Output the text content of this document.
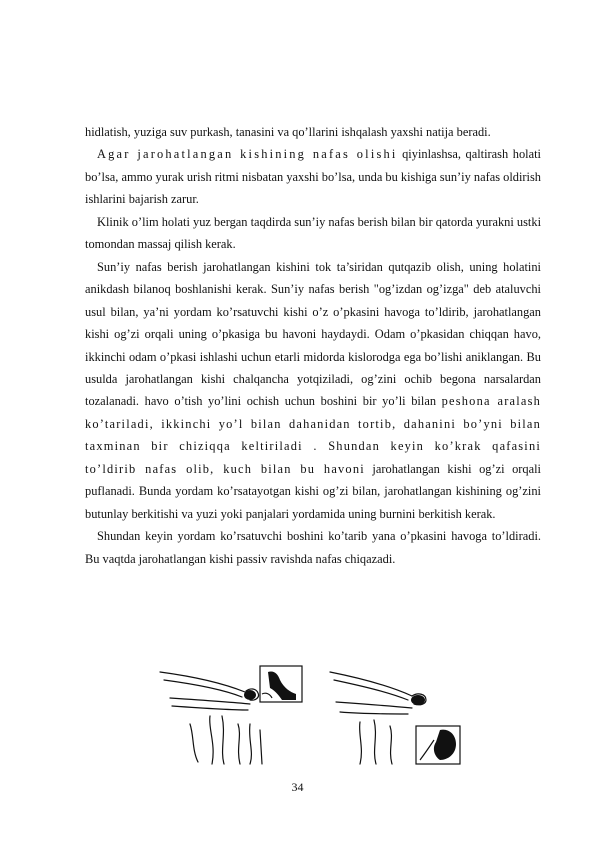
hidlatish, yuziga suv purkash, tanasini va qo’llarini ishqalash yaxshi natija beradi.

Agar jarohatlangan kishining nafas olishi qiyinlashsa, qaltirash holati bo’lsa, ammo yurak urish ritmi nisbatan yaxshi bo’lsa, unda bu kishiga sun’iy nafas oldirish ishlarini bajarish zarur.

Klinik o’lim holati yuz bergan taqdirda sun’iy nafas berish bilan bir qatorda yurakni ustki tomondan massaj qilish kerak.

Sun’iy nafas berish jarohatlangan kishini tok ta’siridan qutqazib olish, uning holatini anikdash bilanoq boshlanishi kerak. Sun’iy nafas berish "og’izdan og’izga" deb ataluvchi usul bilan, ya’ni yordam ko’rsatuvchi kishi o’z o’pkasini havoga to’ldirib, jarohatlangan kishi og’zi orqali uning o’pkasiga bu havoni haydaydi. Odam o’pkasidan chiqqan havo, ikkinchi odam o’pkasi ishlashi uchun etarli midorda kislorodga ega bo’lishi aniklangan. Bu usulda jarohatlangan kishi chalqancha yotqiziladi, og’zini ochib begona narsalardan tozalanadi. havo o’tish yo’lini ochish uchun boshini bir yo’li bilan peshona aralash ko’tariladi, ikkinchi yo’l bilan dahanidan tortib, dahanini bo’yni bilan taxminan bir chiziqqa keltiriladi . Shundan keyin ko’krak qafasini to’ldirib nafas olib, kuch bilan bu havoni jarohatlangan kishi og’zi orqali puflanadi. Bunda yordam ko’rsatayotgan kishi og’zi bilan, jarohatlangan kishining og’zini butunlay berkitishi va yuzi yoki panjalari yordamida uning burnini berkitish kerak.

Shundan keyin yordam ko’rsatuvchi boshini ko’tarib yana o’pkasini havoga to’ldiradi. Bu vaqtda jarohatlangan kishi passiv ravishda nafas chiqazadi.

34
